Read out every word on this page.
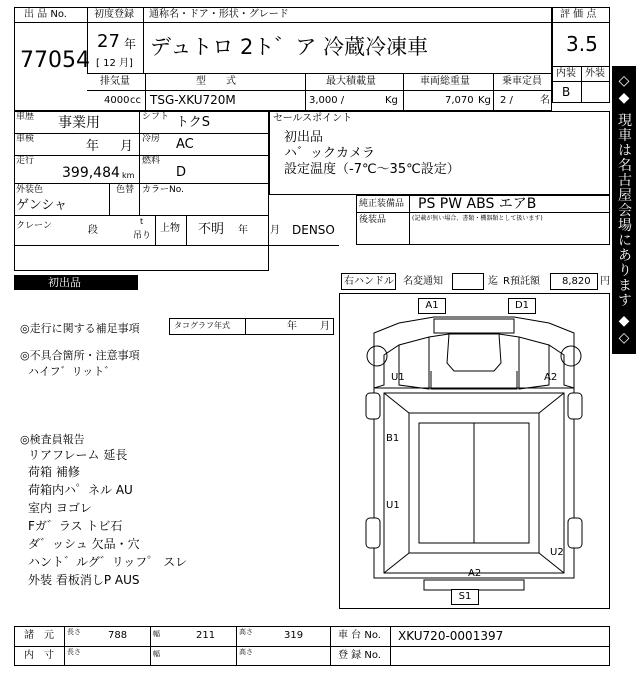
出 品 No.
77054
初度登録 通称名・ドア・形状・グレード
27 年
[ 12 月]
デュトロ 2ト゛ア 冷蔵冷凍車
評 価 点
3.5
内装 外装
B
排気量	型　　式	最大積載量	車両総重量	乗車定員
4000 cc TSG-XKU720M	3,000 /	Kg	7,070 Kg 2 /	名
車歴 事業用	シフト トクS
車検	年 月 冷房 AC
走行
399,484 km
燃料
D
外装色
ゲンシャ
色替 カラーNo.
クレーン	段
t
吊り
上物 不明 年 月 DENSO
セールスポイント
初出品
ハ゛ックカメラ
設定温度（-7℃～35℃設定）
純正装備品 PS PW ABS エアB
後装品	(記載が無い場合、書類・機器類として扱います)
初出品	右ハンドル 名変通知	迄 R預託額 8,820 円
◎走行に関する補足事項	タコグラフ年式	年 月
◎不具合箇所・注意事項
ハイフ゛リット゛
◎検査員報告
リアフレーム 延長
荷箱 補修
荷箱内ハ゜ネル AU
室内 ヨゴレ
Fガ゛ラス トビ石
ダ゛ッシュ 欠品・穴
ハント゛ルグ゛リッフ゜ スレ
外装 看板消しP AUS
A1	D1
U1	A2
B1
U1
U2
A2
S1
◇◆ 現車は名古屋会場にあります ◆◇
諸　元 長さ	788	幅	211	高さ	319	車 台 No. XKU720-0001397
内　寸 長さ	幅	高さ	登 録 No.
